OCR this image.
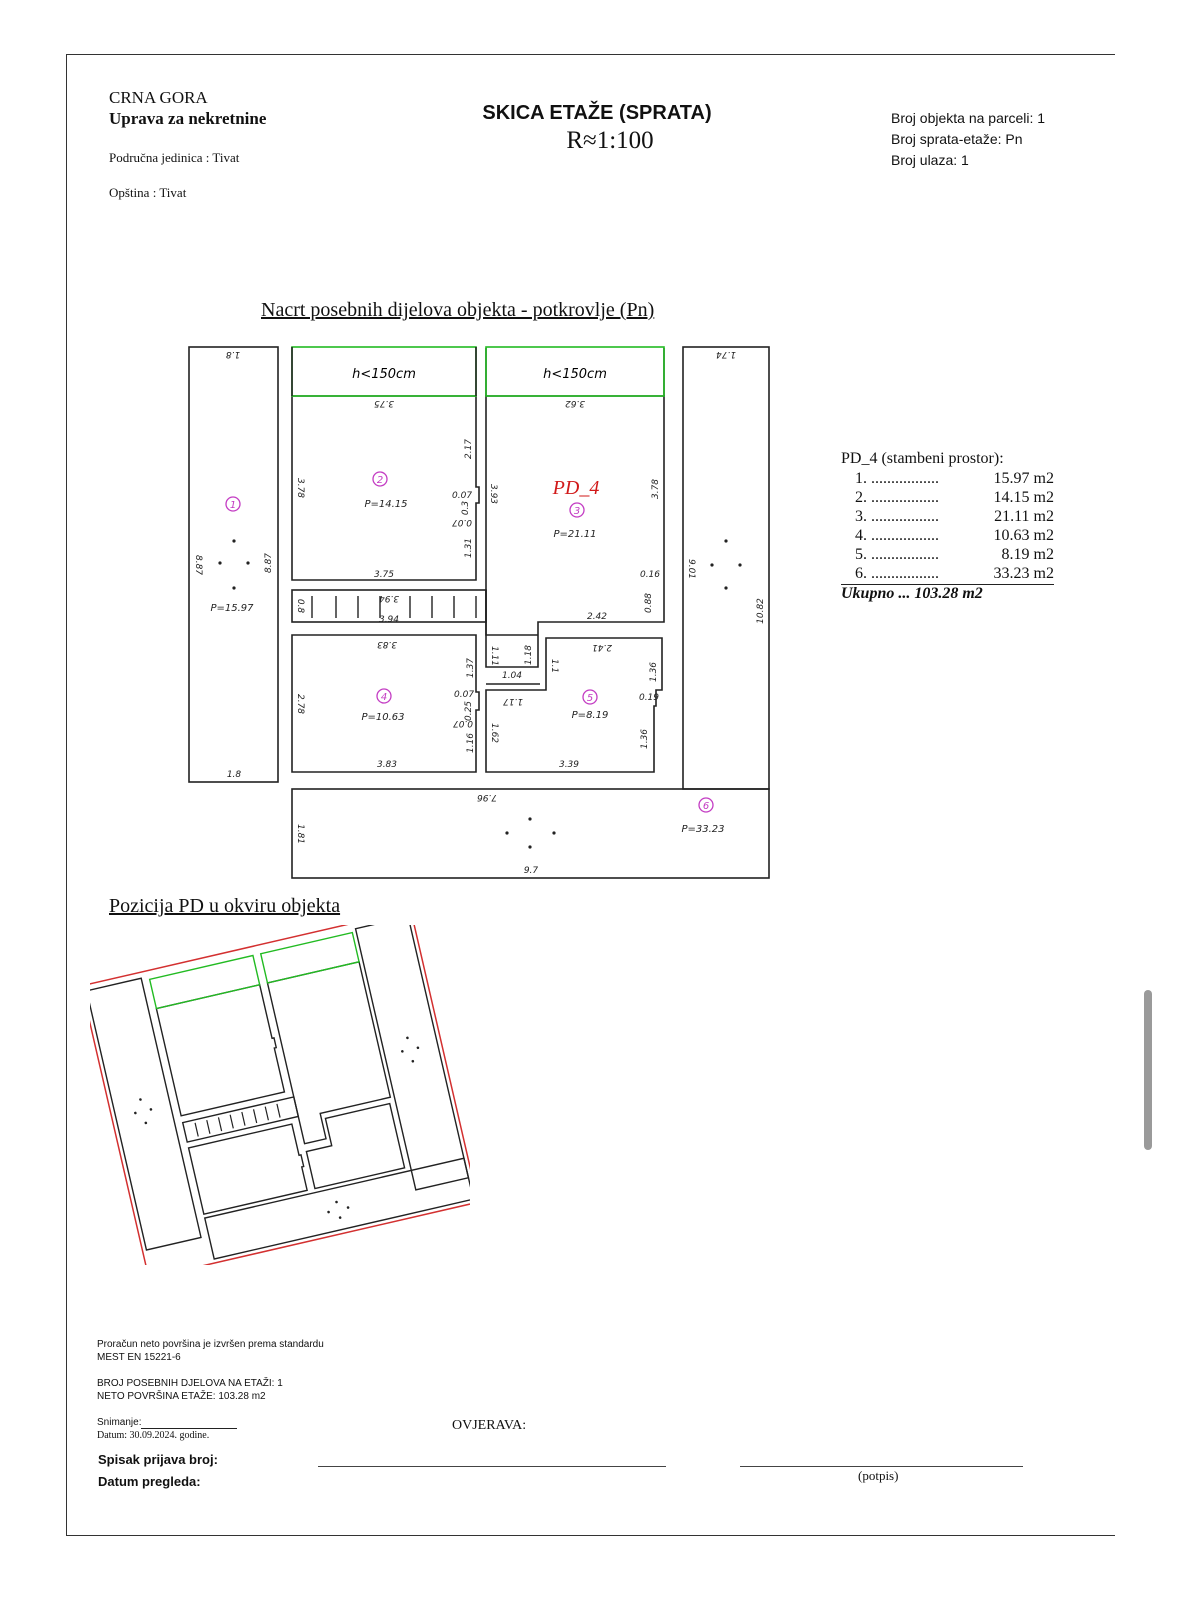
CRNA GORA
Uprava za nekretnine
Područna jedinica : Tivat
Opština : Tivat
SKICA ETAŽE (SPRATA)
R≈1:100
Broj objekta na parceli: 1
Broj sprata-etaže: Pn
Broj ulaza: 1
Nacrt posebnih dijelova objekta - potkrovlje (Pn)
h<150cm	h<150cm
1
2
3
4	5
6
P=15.97
P=14.15
P=21.11
P=10.63	P=8.19
P=33.23
PD_4
1.8
8.87	8.87
1.8
3.75
3.78
2.17
0.07
0.3
0.07
1.31
3.75
3.62
3.93	3.78
0.16
2.42
0.88
3.94
0.8
3.94
3.83
2.78
1.37
0.07
0.25
0.07
1.16
3.83
1.11	1.18
1.04
1.1
2.41
1.36
0.19
1.36
1.17
1.62
3.39
1.74
9.01
10.82
7.96
1.81
9.7
PD_4 (stambeni prostor):
1. .................	15.97 m2
2. .................	14.15 m2
3. .................	21.11 m2
4. .................	10.63 m2
5. .................	8.19 m2
6. .................	33.23 m2
Ukupno ... 103.28 m2
Pozicija PD u okviru objekta
Proračun neto površina je izvršen prema standardu
MEST EN 15221-6
BROJ POSEBNIH DJELOVA NA ETAŽI: 1
NETO POVRŠINA ETAŽE: 103.28 m2
Snimanje:
Datum: 30.09.2024. godine.
OVJERAVA:
Spisak prijava broj:
Datum pregleda:	(potpis)
